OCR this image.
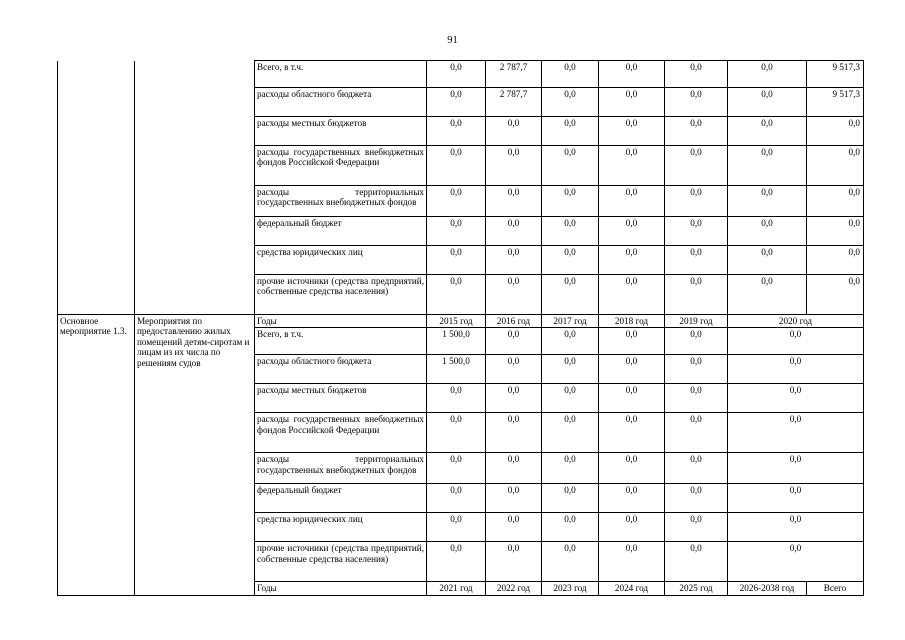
91
		Всего, в т.ч.	0,0	2 787,7	0,0	0,0	0,0	0,0	9 517,3
		расходы областного бюджета	0,0	2 787,7	0,0	0,0	0,0	0,0	9 517,3
		расходы местных бюджетов	0,0	0,0	0,0	0,0	0,0	0,0	0,0
		расходы государственных внебюджетных фондов Российской Федерации	0,0	0,0	0,0	0,0	0,0	0,0	0,0
		расходы территориальных государственных внебюджетных фондов	0,0	0,0	0,0	0,0	0,0	0,0	0,0
		федеральный бюджет	0,0	0,0	0,0	0,0	0,0	0,0	0,0
		средства юридических лиц	0,0	0,0	0,0	0,0	0,0	0,0	0,0
		прочие источники (средства предприятий, собственные средства населения)	0,0	0,0	0,0	0,0	0,0	0,0	0,0
Основное мероприятие 1.3.	Мероприятия по предоставлению жилых помещений детям-сиротам и лицам из их числа по решениям судов	Годы	2015 год	2016 год	2017 год	2018 год	2019 год	2020 год	
		Всего, в т.ч.	1 500,0	0,0	0,0	0,0	0,0	0,0	
		расходы областного бюджета	1 500,0	0,0	0,0	0,0	0,0	0,0	
		расходы местных бюджетов	0,0	0,0	0,0	0,0	0,0	0,0	
		расходы государственных внебюджетных фондов Российской Федерации	0,0	0,0	0,0	0,0	0,0	0,0	
		расходы территориальных государственных внебюджетных фондов	0,0	0,0	0,0	0,0	0,0	0,0	
		федеральный бюджет	0,0	0,0	0,0	0,0	0,0	0,0	
		средства юридических лиц	0,0	0,0	0,0	0,0	0,0	0,0	
		прочие источники (средства предприятий, собственные средства населения)	0,0	0,0	0,0	0,0	0,0	0,0	
		Годы	2021 год	2022 год	2023 год	2024 год	2025 год	2026-2038 год	Всего
